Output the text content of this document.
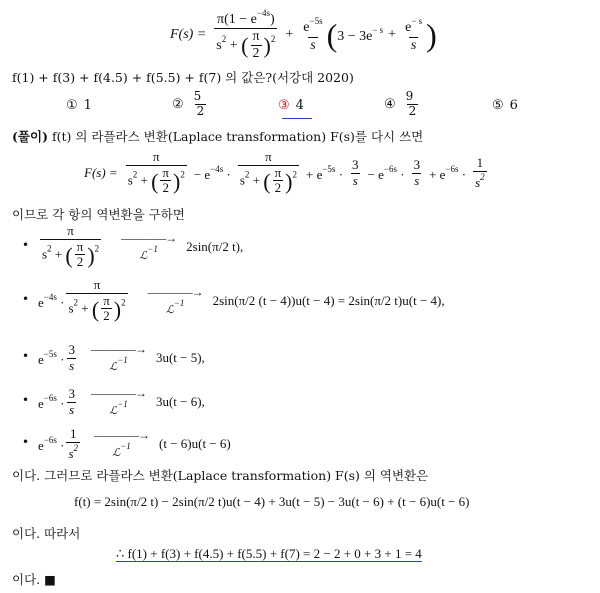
$F(s) = \frac{\pi(1 - e^{-4s})}{s^2 + ( \frac{\pi}{2} )^2} + \frac{e^{-5s}}{s}$ ( $3 - 3e^{- s} + \frac{e^{- s}}{s}$ )
f(1) + f(3) + f(4.5) + f(5.5) + f(7) 의 값은?(서강대 2020)
① 1	② $\frac{5}{2}$	③ 4	④ $\frac{9}{2}$	⑤ 6
(풀이) f(t) 의 라플라스 변환(Laplace transformation) F(s)를 다시 쓰면
$F(s) = \frac{\pi}{s^2 + ( \frac{\pi}{2} )^2} - e^{-4s} \cdot \frac{\pi}{s^2 + ( \frac{\pi}{2} )^2} + e^{-5s} \cdot \frac{3}{s} - e^{-6s} \cdot \frac{3}{s} + e^{-6s} \cdot \frac{1}{s^2}$
이므로 각 항의 역변환을 구하면
• $\frac{\pi}{s^2 + ( \frac{\pi}{2} )^2}$ ————→
ℒ$^{-1}$ 2sin(π/2 t),
• $e^{-4s} \cdot \frac{\pi}{s^2 + ( \frac{\pi}{2} )^2}$ ————→
ℒ$^{-1}$ 2sin(π/2 (t − 4))u(t − 4) = 2sin(π/2 t)u(t − 4),
• $e^{-5s} \cdot \frac{3}{s}$ ————→
ℒ$^{-1}$ 3u(t − 5),
• $e^{-6s} \cdot \frac{3}{s}$ ————→
ℒ$^{-1}$ 3u(t − 6),
• $e^{-6s} \cdot \frac{1}{s^2}$ ————→
ℒ$^{-1}$ (t − 6)u(t − 6)
이다. 그러므로 라플라스 변환(Laplace transformation) F(s) 의 역변환은
f(t) = 2sin(π/2 t) − 2sin(π/2 t)u(t − 4) + 3u(t − 5) − 3u(t − 6) + (t − 6)u(t − 6)
이다. 따라서
∴ f(1) + f(3) + f(4.5) + f(5.5) + f(7) = 2 − 2 + 0 + 3 + 1 = 4
이다. ■
